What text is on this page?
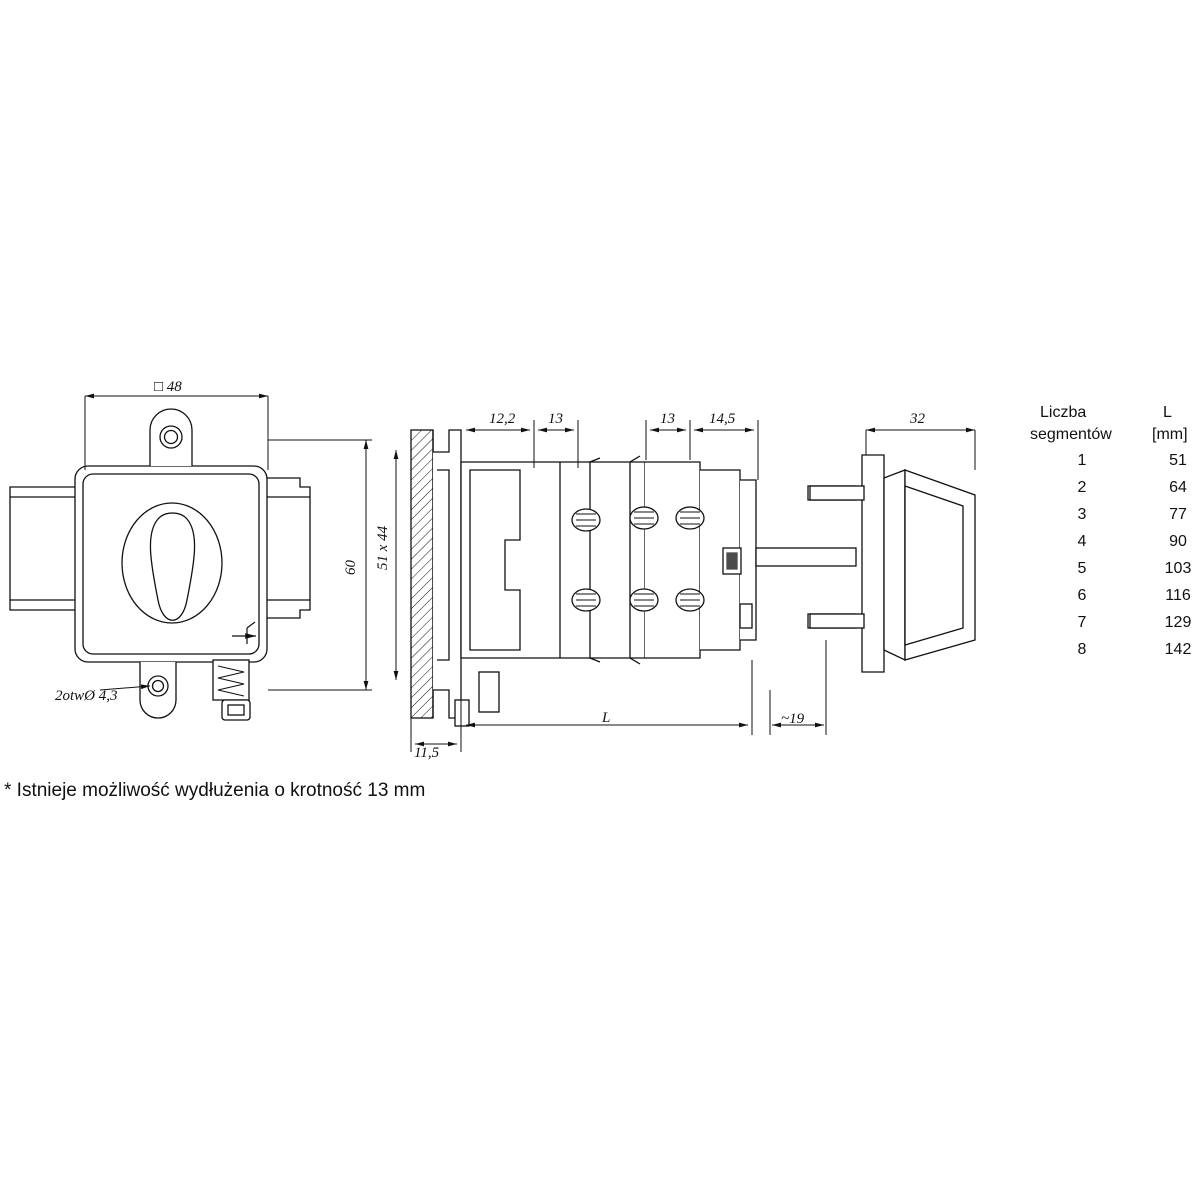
□ 48
60 51 x 44
2otwØ 4,3
12,2 13	13 14,5	32
L
11,5
~19
Liczba
segmentów
L
[mm]
1	51
2	64
3	77
4	90
5	103
6	116
7	129
8	142
* Istnieje możliwość wydłużenia o krotność 13 mm
